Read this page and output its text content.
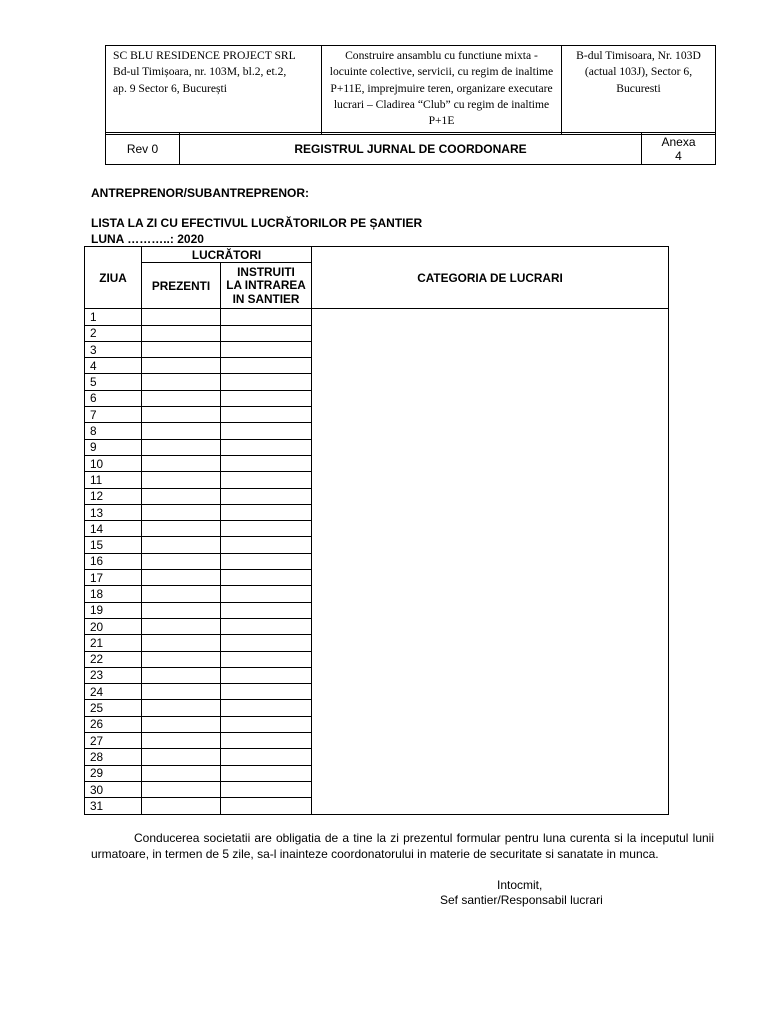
SC BLU RESIDENCE PROJECT SRL
Bd-ul Timișoara, nr. 103M, bl.2, et.2,
ap. 9 Sector 6, București
	Construire ansamblu cu functiune mixta - locuinte colective, servicii, cu regim de inaltime P+11E, imprejmuire teren, organizare executare lucrari – Cladirea “Club” cu regim de inaltime P+1E	B-dul Timisoara, Nr. 103D (actual 103J), Sector 6, Bucuresti
Rev 0	REGISTRUL JURNAL DE COORDONARE	Anexa
4
ANTREPRENOR/SUBANTREPRENOR:
LISTA LA ZI CU EFECTIVUL LUCRĂTORILOR PE ȘANTIER
LUNA ………..: 2020
ZIUA	LUCRĂTORI		CATEGORIA DE LUCRARI
	PREZENTI	INSTRUITI
LA INTRAREA
IN SANTIER	

1			
2			
3			
4			
5			
6			
7			
8			
9			
10			
11			
12			
13			
14			
15			
16			
17			
18			
19			
20			
21			
22			
23			
24			
25			
26			
27			
28			
29			
30			
31			
Conducerea societatii are obligatia de a tine la zi prezentul formular pentru luna curenta si la inceputul lunii urmatoare, in termen de 5 zile, sa-l inainteze coordonatorului in materie de securitate si sanatate in munca.
Intocmit,
Sef santier/Responsabil lucrari
